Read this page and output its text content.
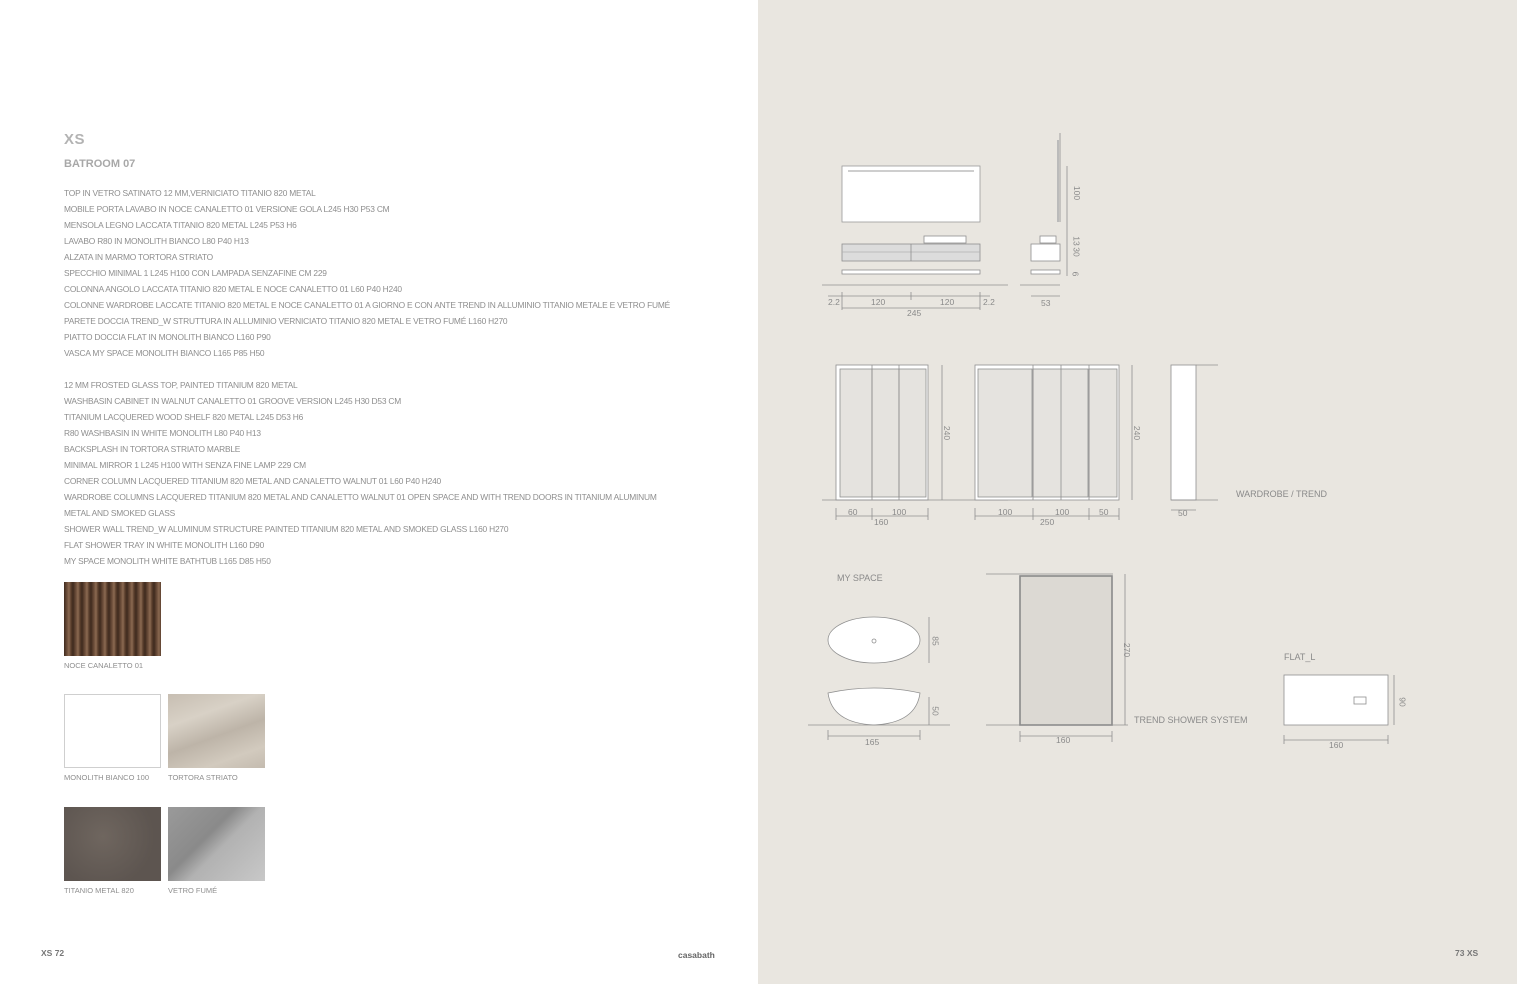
XS
BATROOM 07
TOP IN VETRO SATINATO 12 MM,VERNICIATO TITANIO 820 METAL
MOBILE PORTA LAVABO IN NOCE CANALETTO 01 VERSIONE GOLA L245 H30 P53 CM
MENSOLA LEGNO LACCATA TITANIO 820 METAL L245 P53 H6
LAVABO R80 IN MONOLITH BIANCO L80 P40 H13
ALZATA IN MARMO TORTORA STRIATO
SPECCHIO MINIMAL 1 L245 H100 CON LAMPADA SENZAFINE CM 229
COLONNA ANGOLO LACCATA TITANIO 820 METAL E NOCE CANALETTO 01 L60 P40 H240
COLONNE WARDROBE LACCATE TITANIO 820 METAL E NOCE CANALETTO 01 A GIORNO E CON ANTE TREND IN ALLUMINIO TITANIO METALE E VETRO FUMÉ
PARETE DOCCIA TREND_W STRUTTURA IN ALLUMINIO VERNICIATO TITANIO 820 METAL E VETRO FUMÉ L160 H270
PIATTO DOCCIA FLAT IN MONOLITH BIANCO L160 P90
VASCA MY SPACE MONOLITH BIANCO L165 P85 H50
12 MM FROSTED GLASS TOP, PAINTED TITANIUM 820 METAL
WASHBASIN CABINET IN WALNUT CANALETTO 01 GROOVE VERSION L245 H30 D53 CM
TITANIUM LACQUERED WOOD SHELF 820 METAL L245 D53 H6
R80 WASHBASIN IN WHITE MONOLITH L80 P40 H13
BACKSPLASH IN TORTORA STRIATO MARBLE
MINIMAL MIRROR 1 L245 H100 WITH SENZA FINE LAMP 229 CM
CORNER COLUMN LACQUERED TITANIUM 820 METAL AND CANALETTO WALNUT 01 L60 P40 H240
WARDROBE COLUMNS LACQUERED TITANIUM 820 METAL AND CANALETTO WALNUT 01 OPEN SPACE AND WITH TREND DOORS IN TITANIUM ALUMINUM
METAL AND SMOKED GLASS
SHOWER WALL TREND_W ALUMINUM STRUCTURE PAINTED TITANIUM 820 METAL AND SMOKED GLASS L160 H270
FLAT SHOWER TRAY IN WHITE MONOLITH L160 D90
MY SPACE MONOLITH WHITE BATHTUB L165 D85 H50
NOCE CANALETTO 01
MONOLITH BIANCO 100	TORTORA STRIATO
TITANIO METAL 820	VETRO FUMÉ
XS 72	casabath
2.2	120	120	2.2
245
100
30
13
6
53
60	100
160
240
100	100	50
250
240
50
WARDROBE / TREND
MY SPACE
85
50
165
270
160
TREND SHOWER SYSTEM
FLAT_L
90
160
73 XS
